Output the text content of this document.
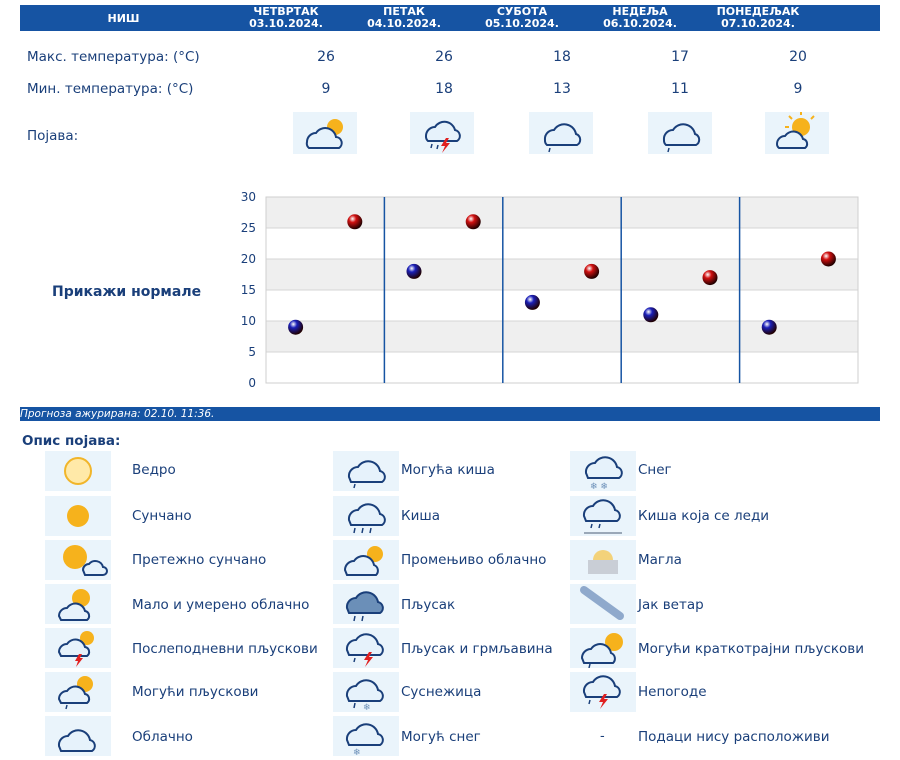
НИШ
ЧЕТВРТАК
03.10.2024.
ПЕТАК
04.10.2024.
СУБОТА
05.10.2024.
НЕДЕЉА
06.10.2024.
ПОНЕДЕЉАК
07.10.2024.
Макс. температура: (°C)	26	26	18	17	20
Мин. температура: (°C)	9	18	13	11	9
Појава:
Прикажи нормале
0
5
10
15
20
25
30
Прогноза ажурирана: 02.10. 11:36.
Опис појава:
Ведро
Сунчано
Претежно сунчано
Мало и умерено облачно
Послеподневни пљускови
Могући пљускови
Облачно
Могућа киша
Киша
Промењиво облачно
Пљусак
Пљусак и грмљавина
❄
Суснежица
❄
Могућ снег
❄ ❄
Снег
Киша која се леди
Магла
Јак ветар
Могући краткотрајни пљускови
Непогоде
- Подаци нису расположиви
